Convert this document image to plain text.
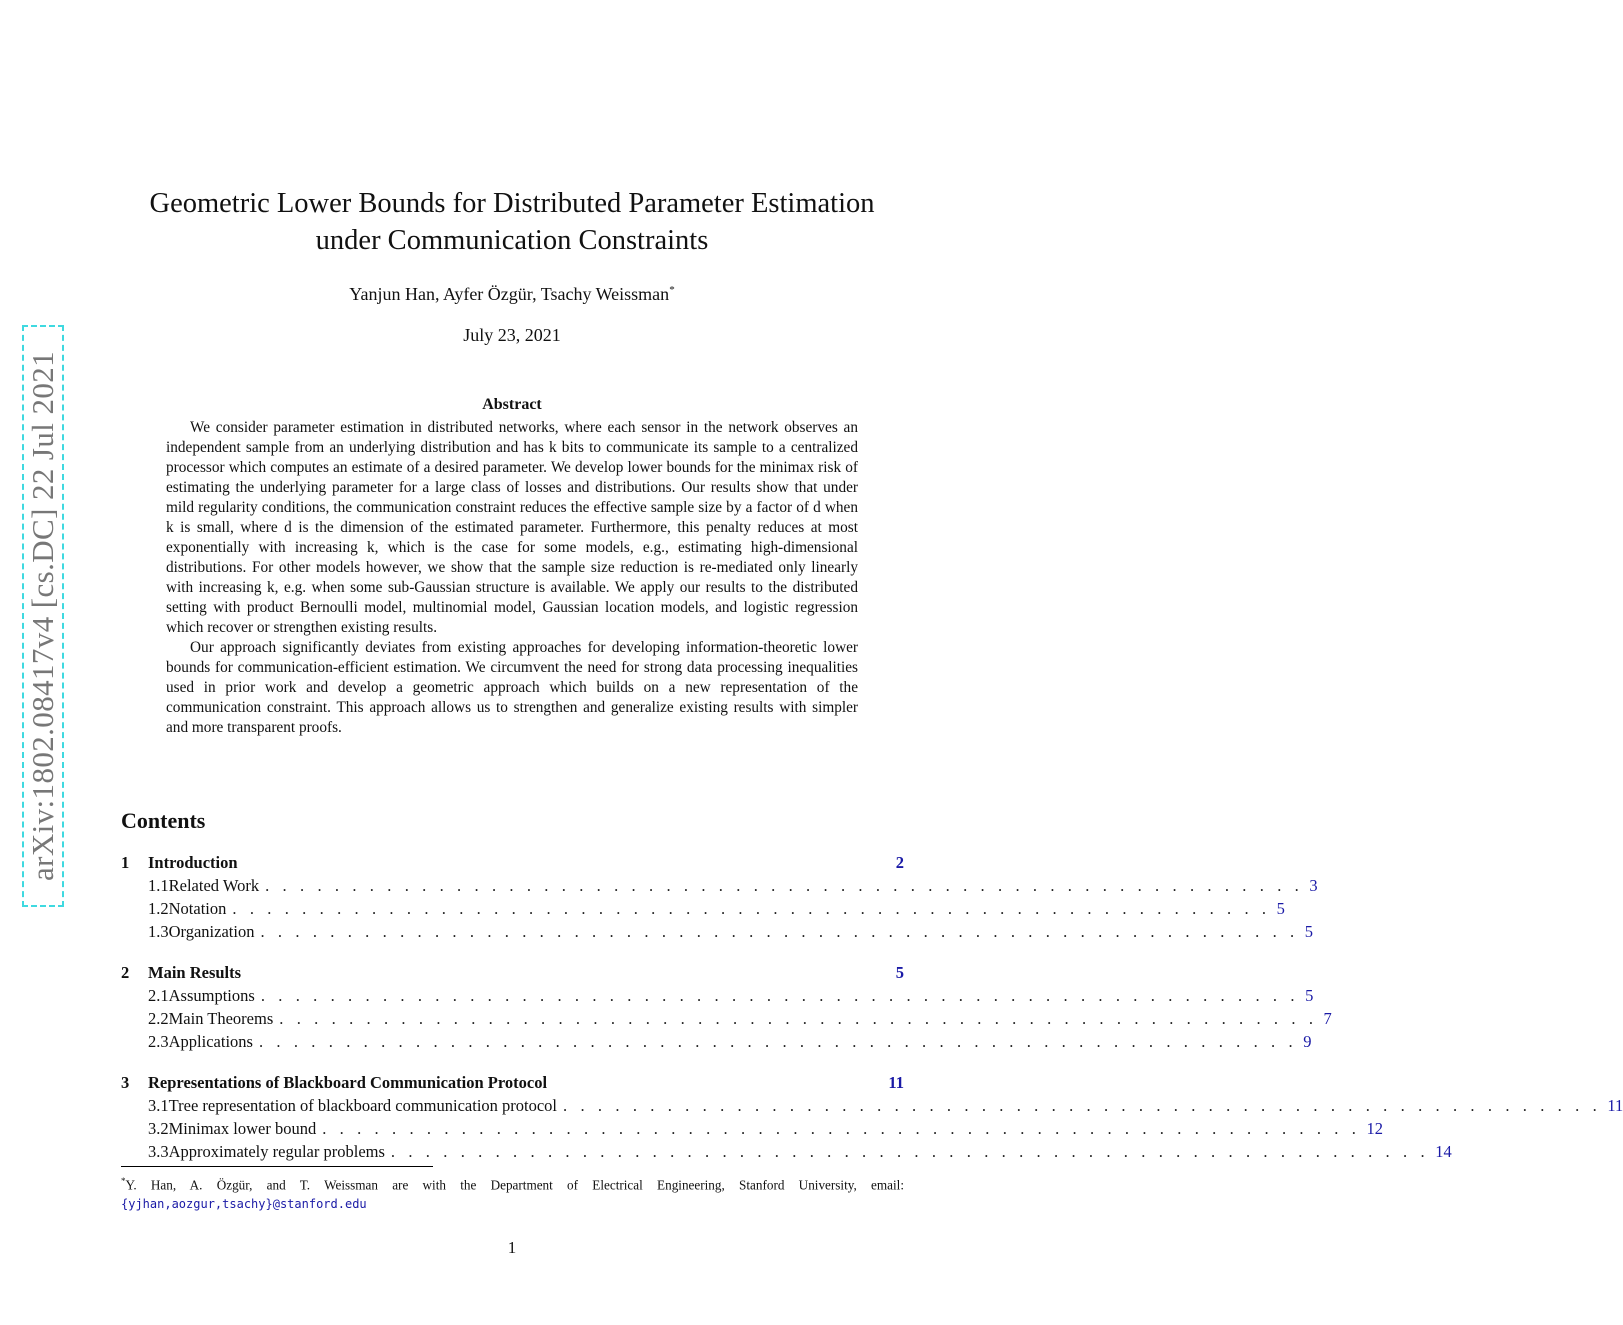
arXiv:1802.08417v4 [cs.DC] 22 Jul 2021
Geometric Lower Bounds for Distributed Parameter Estimation
under Communication Constraints
Yanjun Han, Ayfer Özgür, Tsachy Weissman*
July 23, 2021
Abstract

We consider parameter estimation in distributed networks, where each sensor in the network observes an independent sample from an underlying distribution and has k bits to communicate its sample to a centralized processor which computes an estimate of a desired parameter. We develop lower bounds for the minimax risk of estimating the underlying parameter for a large class of losses and distributions. Our results show that under mild regularity conditions, the communication constraint reduces the effective sample size by a factor of d when k is small, where d is the dimension of the estimated parameter. Furthermore, this penalty reduces at most exponentially with increasing k, which is the case for some models, e.g., estimating high-dimensional distributions. For other models however, we show that the sample size reduction is re-mediated only linearly with increasing k, e.g. when some sub-Gaussian structure is available. We apply our results to the distributed setting with product Bernoulli model, multinomial model, Gaussian location models, and logistic regression which recover or strengthen existing results.

Our approach significantly deviates from existing approaches for developing information-theoretic lower bounds for communication-efficient estimation. We circumvent the need for strong data processing inequalities used in prior work and develop a geometric approach which builds on a new representation of the communication constraint. This approach allows us to strengthen and generalize existing results with simpler and more transparent proofs.

Contents
1	Introduction	2
1.1 Related Work . . . . . . . . . . . . . . . . . . . . . . . . . . . . . . . . . . . . . . . . . . . . . . . . . . . . . . . . . . . . 3
1.2 Notation . . . . . . . . . . . . . . . . . . . . . . . . . . . . . . . . . . . . . . . . . . . . . . . . . . . . . . . . . . . . 5
1.3 Organization . . . . . . . . . . . . . . . . . . . . . . . . . . . . . . . . . . . . . . . . . . . . . . . . . . . . . . . . . . . . 5
2	Main Results	5
2.1 Assumptions . . . . . . . . . . . . . . . . . . . . . . . . . . . . . . . . . . . . . . . . . . . . . . . . . . . . . . . . . . . . 5
2.2 Main Theorems . . . . . . . . . . . . . . . . . . . . . . . . . . . . . . . . . . . . . . . . . . . . . . . . . . . . . . . . . . . . 7
2.3 Applications . . . . . . . . . . . . . . . . . . . . . . . . . . . . . . . . . . . . . . . . . . . . . . . . . . . . . . . . . . . . 9
3	Representations of Blackboard Communication Protocol	11
3.1 Tree representation of blackboard communication protocol . . . . . . . . . . . . . . . . . . . . . . . . . . . . . . . . . . . . . . . . . . . . . . . . . . . . . . . . . . . . 11
3.2 Minimax lower bound . . . . . . . . . . . . . . . . . . . . . . . . . . . . . . . . . . . . . . . . . . . . . . . . . . . . . . . . . . . . 12
3.3 Approximately regular problems . . . . . . . . . . . . . . . . . . . . . . . . . . . . . . . . . . . . . . . . . . . . . . . . . . . . . . . . . . . . 14
*Y. Han, A. Özgür, and T. Weissman are with the Department of Electrical Engineering, Stanford University, email: {yjhan,aozgur,tsachy}@stanford.edu
1
